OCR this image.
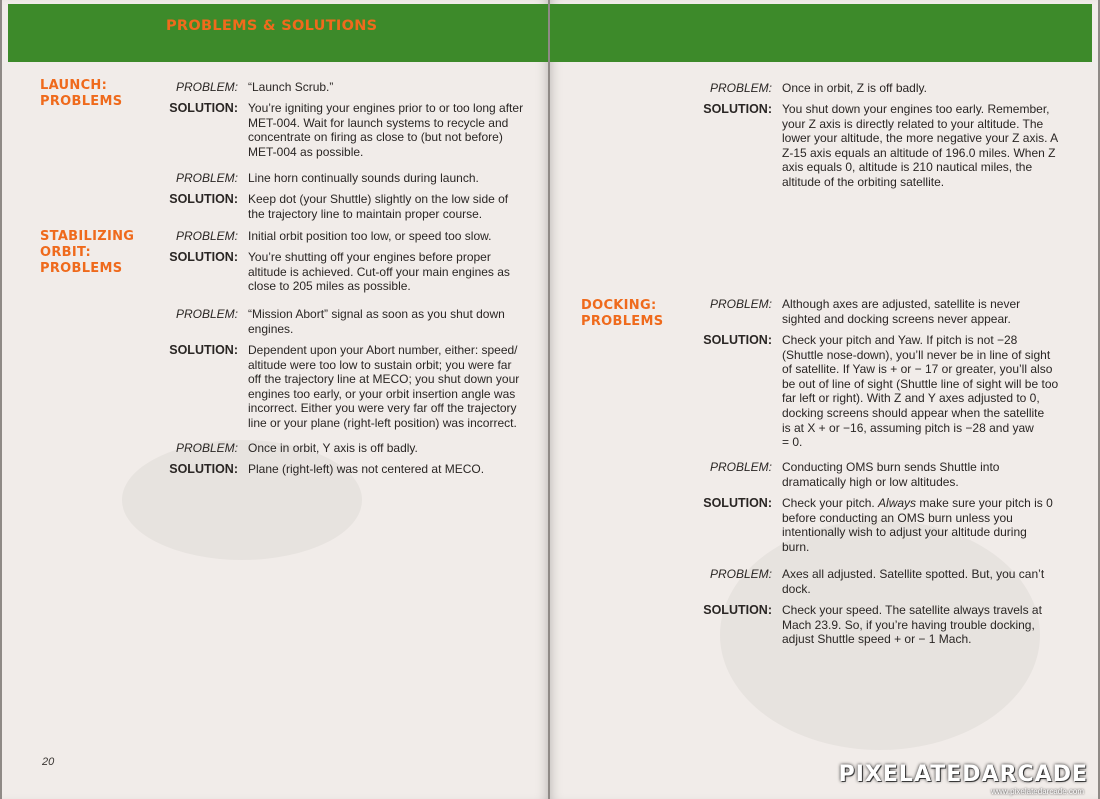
PROBLEMS & SOLUTIONS
LAUNCH:
PROBLEMS
STABILIZING
ORBIT:
PROBLEMS
PROBLEM: “Launch Scrub.”
SOLUTION: You’re igniting your engines prior to or too long after
MET-004. Wait for launch systems to recycle and
concentrate on firing as close to (but not before)
MET-004 as possible.
PROBLEM: Line horn continually sounds during launch.
SOLUTION: Keep dot (your Shuttle) slightly on the low side of
the trajectory line to maintain proper course.
PROBLEM: Initial orbit position too low, or speed too slow.
SOLUTION: You’re shutting off your engines before proper
altitude is achieved. Cut-off your main engines as
close to 205 miles as possible.
PROBLEM: “Mission Abort” signal as soon as you shut down
engines.
SOLUTION: Dependent upon your Abort number, either: speed/
altitude were too low to sustain orbit; you were far
off the trajectory line at MECO; you shut down your
engines too early, or your orbit insertion angle was
incorrect. Either you were very far off the trajectory
line or your plane (right-left position) was incorrect.
PROBLEM: Once in orbit, Y axis is off badly.
SOLUTION: Plane (right-left) was not centered at MECO.
20
DOCKING:
PROBLEMS
PROBLEM: Once in orbit, Z is off badly.
SOLUTION: You shut down your engines too early. Remember,
your Z axis is directly related to your altitude. The
lower your altitude, the more negative your Z axis. A
Z-15 axis equals an altitude of 196.0 miles. When Z
axis equals 0, altitude is 210 nautical miles, the
altitude of the orbiting satellite.
PROBLEM: Although axes are adjusted, satellite is never
sighted and docking screens never appear.
SOLUTION: Check your pitch and Yaw. If pitch is not −28
(Shuttle nose-down), you’ll never be in line of sight
of satellite. If Yaw is + or − 17 or greater, you’ll also
be out of line of sight (Shuttle line of sight will be too
far left or right). With Z and Y axes adjusted to 0,
docking screens should appear when the satellite
is at X + or −16, assuming pitch is −28 and yaw
= 0.
PROBLEM: Conducting OMS burn sends Shuttle into
dramatically high or low altitudes.
SOLUTION: Check your pitch. Always make sure your pitch is 0
before conducting an OMS burn unless you
intentionally wish to adjust your altitude during
burn.
PROBLEM: Axes all adjusted. Satellite spotted. But, you can’t
dock.
SOLUTION: Check your speed. The satellite always travels at
Mach 23.9. So, if you’re having trouble docking,
adjust Shuttle speed + or − 1 Mach.
PIXELATEDARCADE
www.pixelatedarcade.com
